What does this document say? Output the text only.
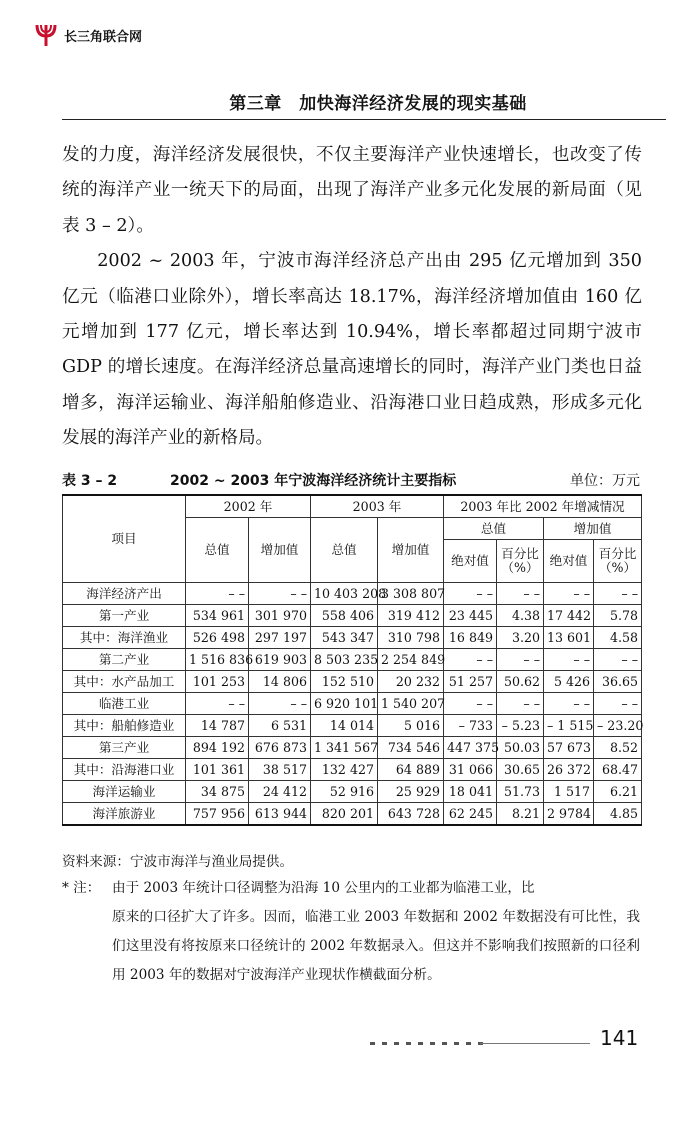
长三角联合网
第三章　加快海洋经济发展的现实基础

发的力度，海洋经济发展很快，不仅主要海洋产业快速增长，也改变了传统的海洋产业一统天下的局面，出现了海洋产业多元化发展的新局面（见表 3 – 2）。

2002 ~ 2003 年，宁波市海洋经济总产出由 295 亿元增加到 350 亿元（临港口业除外），增长率高达 18.17%，海洋经济增加值由 160 亿元增加到 177 亿元，增长率达到 10.94%，增长率都超过同期宁波市 GDP 的增长速度。在海洋经济总量高速增长的同时，海洋产业门类也日益增多，海洋运输业、海洋船舶修造业、沿海港口业日趋成熟，形成多元化发展的海洋产业的新格局。

表 3 – 2	2002 ~ 2003 年宁波海洋经济统计主要指标	单位：万元
项目	2002 年		2003 年		2003 年比 2002 年增减情况			
	总值	增加值	总值	增加值	总值		增加值	
					绝对值	百分比（%）	绝对值	百分比（%）
海洋经济产出	– –	– –	10 403 208	3 308 807	– –	– –	– –	– –
第一产业	534 961	301 970	558 406	319 412	23 445	4.38	17 442	5.78
其中：海洋渔业	526 498	297 197	543 347	310 798	16 849	3.20	13 601	4.58
第二产业	1 516 836	619 903	8 503 235	2 254 849	– –	– –	– –	– –
其中：水产品加工	101 253	14 806	152 510	20 232	51 257	50.62	5 426	36.65
临港工业	– –	– –	6 920 101	1 540 207	– –	– –	– –	– –
其中：船舶修造业	14 787	6 531	14 014	5 016	– 733	– 5.23	– 1 515	– 23.20
第三产业	894 192	676 873	1 341 567	734 546	447 375	50.03	57 673	8.52
其中：沿海港口业	101 361	38 517	132 427	64 889	31 066	30.65	26 372	68.47
海洋运输业	34 875	24 412	52 916	25 929	18 041	51.73	1 517	6.21
海洋旅游业	757 956	613 944	820 201	643 728	62 245	8.21	2 9784	4.85
资料来源：宁波市海洋与渔业局提供。
* 注： 由于 2003 年统计口径调整为沿海 10 公里内的工业都为临港工业，比
原来的口径扩大了许多。因而，临港工业 2003 年数据和 2002 年数据没有可比性，我们这里没有将按原来口径统计的 2002 年数据录入。但这并不影响我们按照新的口径利用 2003 年的数据对宁波海洋产业现状作横截面分析。
141
